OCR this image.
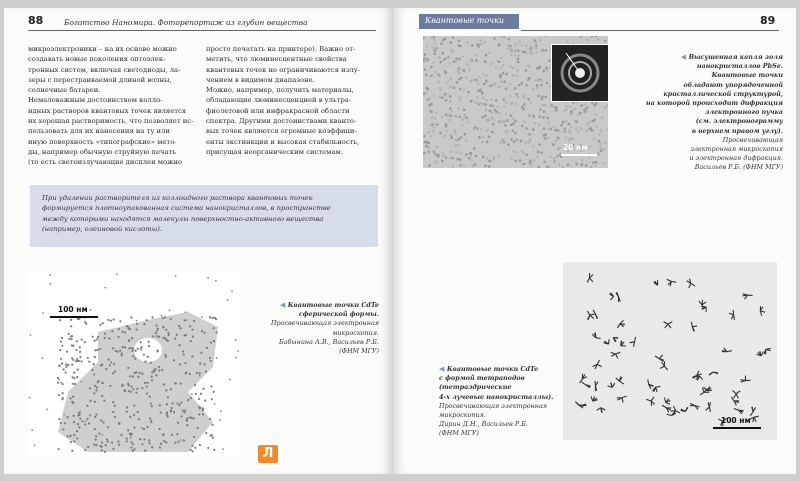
88	Богатство Наномира. Фоторепортаж из глубин вещества
микроэлектроники – на их основе можно
создавать новые поколения оптоэлек-
тронных систем, включая светодиоды, ла-
зеры с перестраиваемой длиной волны,
солнечные батареи.
Немаловажным достоинством колло-
идных растворов квантовых точек является
их хорошая растворимость, что позволяет ис-
пользовать для их нанесения на ту или
иную поверхность «типографские» мето-
ды, например обычную струйную печать
(то есть светоизлучающие дисплеи можно
просто печатать на принтере). Важно от-
метить, что люминесцентные свойства
квантовых точек не ограничиваются излу-
чением в видимом диапазоне.
Можно, например, получить материалы,
обладающие люминесценцией в ультра-
фиолетовой или инфракрасной области
спектра. Другими достоинствами кванто-
вых точек являются огромные коэффици-
енты экстинкции и высокая стабильность,
присущая неорганическим системам.
При удалении растворителя из коллоидного раствора квантовых точек
формируется плотноупакованная система нанокристаллов, в пространстве
между которыми находятся молекулы поверхностно-активного вещества
(например, олеиновой кислоты).
100 нм
◀ Квантовые точки CdTe
сферической формы.
Просвечивающая электронная
микроскопия.
Бабынина А.В., Васильев Р.Б.
(ФНМ МГУ)
Квантовые точки	89
20 нм
◀ Высушенная капля золя
нанокристаллов PbSe.
Квантовые точки
обладают упорядоченной
кристаллической структурой,
на которой происходит дифракция
электронного пучка
(см. электронограмму
в верхнем правом углу).
Просвечивающая
электронная микроскопия
и электронная дифракция.
Васильев Р.Б. (ФНМ МГУ)
100 нм
◀ Квантовые точки CdTe
с формой тетраподов
(тетраэдрические
4-х лучевые нанокристаллы).
Просвечивающая электронная
микроскопия.
Дирин Д.Н., Васильев Р.Б.
(ФНМ МГУ)
Л
